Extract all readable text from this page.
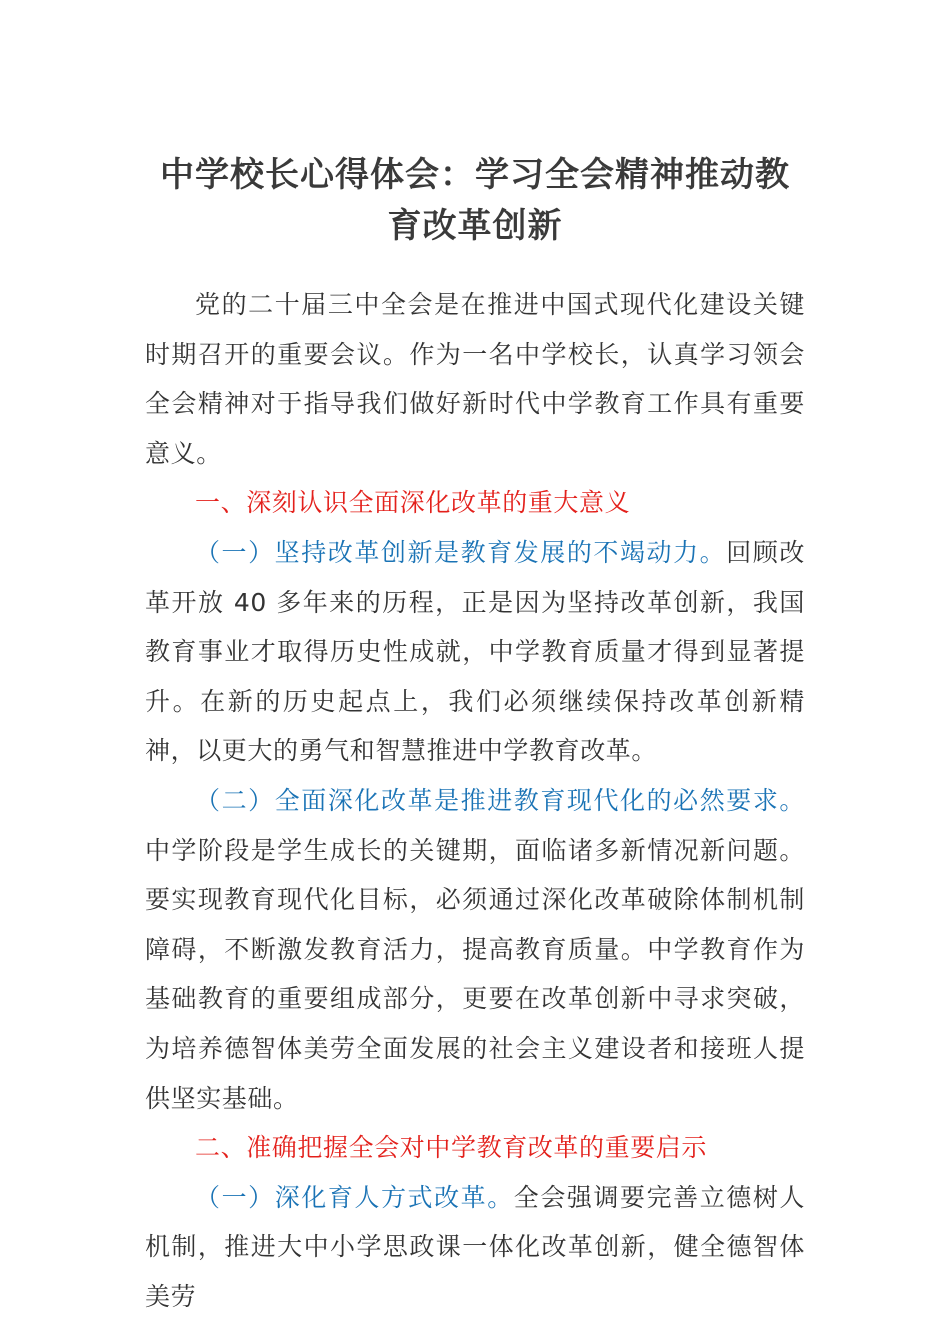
中学校长心得体会：学习全会精神推动教育改革创新

党的二十届三中全会是在推进中国式现代化建设关键时期召开的重要会议。作为一名中学校长，认真学习领会全会精神对于指导我们做好新时代中学教育工作具有重要意义。

一、深刻认识全面深化改革的重大意义

（一）坚持改革创新是教育发展的不竭动力。回顾改革开放 40 多年来的历程，正是因为坚持改革创新，我国教育事业才取得历史性成就，中学教育质量才得到显著提升。在新的历史起点上，我们必须继续保持改革创新精神，以更大的勇气和智慧推进中学教育改革。

（二）全面深化改革是推进教育现代化的必然要求。中学阶段是学生成长的关键期，面临诸多新情况新问题。要实现教育现代化目标，必须通过深化改革破除体制机制障碍，不断激发教育活力，提高教育质量。中学教育作为基础教育的重要组成部分，更要在改革创新中寻求突破，为培养德智体美劳全面发展的社会主义建设者和接班人提供坚实基础。

二、准确把握全会对中学教育改革的重要启示

（一）深化育人方式改革。全会强调要完善立德树人机制，推进大中小学思政课一体化改革创新，健全德智体美劳
